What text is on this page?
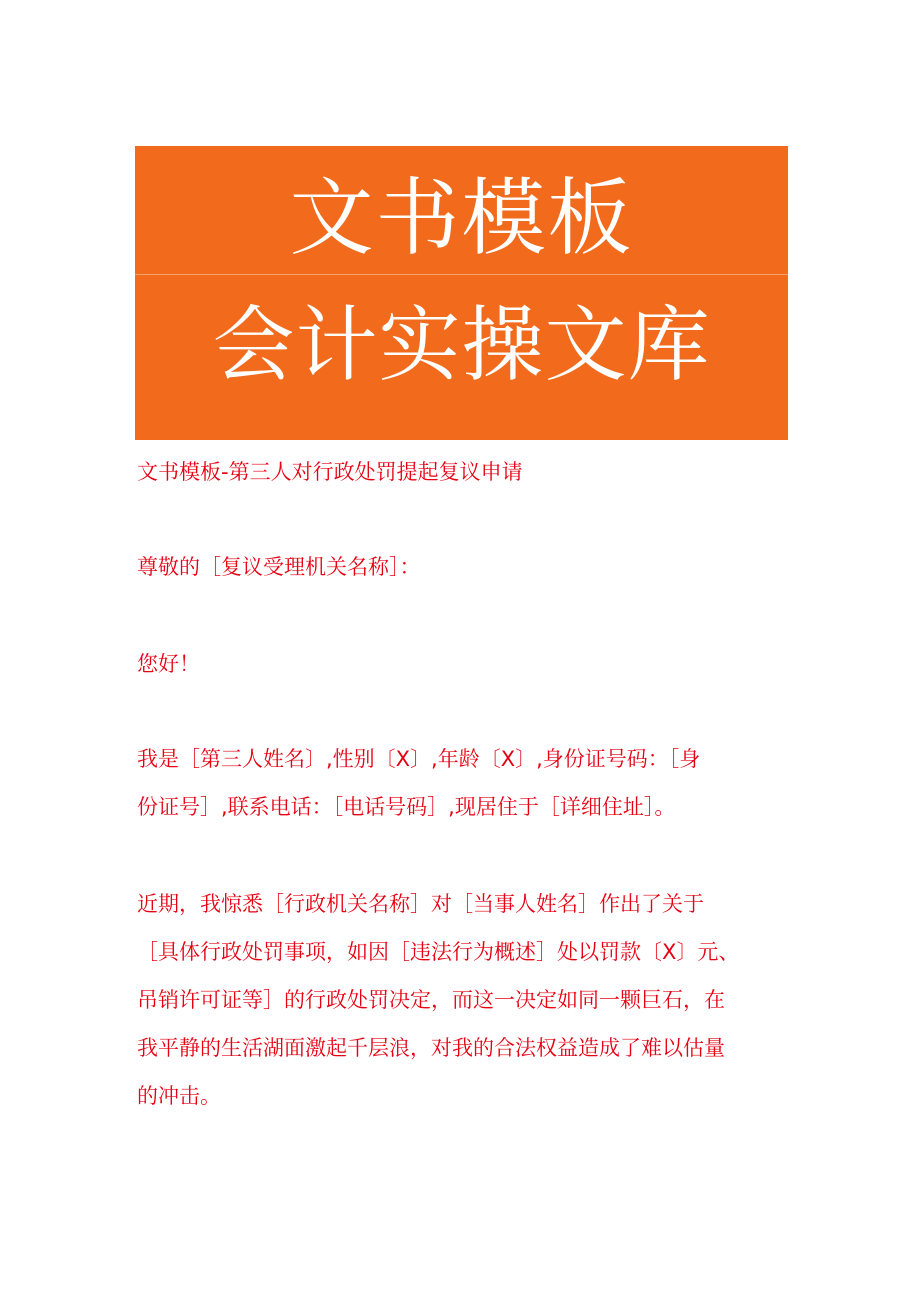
文书模板
会计实操文库
文书模板-第三人对行政处罚提起复议申请
尊敬的［复议受理机关名称］：
您好！
我是［第三人姓名〕,性别〔X〕,年龄〔X〕,身份证号码：［身
份证号］,联系电话：［电话号码］,现居住于［详细住址］。
近期，我惊悉［行政机关名称］对［当事人姓名］作出了关于
［具体行政处罚事项，如因［违法行为概述］处以罚款〔X〕元、
吊销许可证等］的行政处罚决定，而这一决定如同一颗巨石，在
我平静的生活湖面激起千层浪，对我的合法权益造成了难以估量
的冲击。
